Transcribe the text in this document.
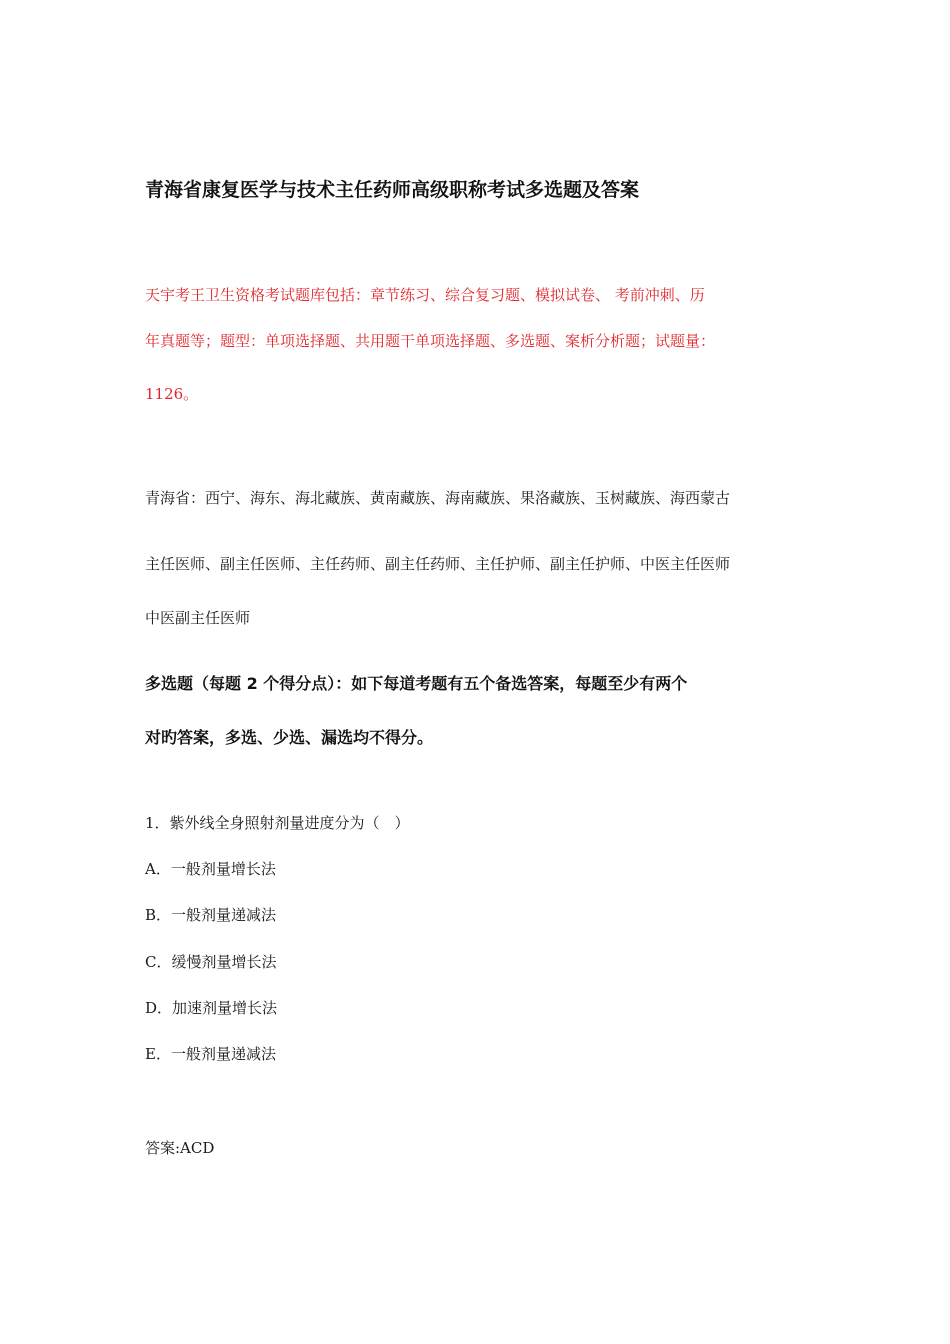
青海省康复医学与技术主任药师高级职称考试多选题及答案
天宇考王卫生资格考试题库包括：章节练习、综合复习题、模拟试卷、 考前冲刺、历
年真题等；题型：单项选择题、共用题干单项选择题、多选题、案析分析题；试题量：
1126。
青海省：西宁、海东、海北藏族、黄南藏族、海南藏族、果洛藏族、玉树藏族、海西蒙古
主任医师、副主任医师、主任药师、副主任药师、主任护师、副主任护师、中医主任医师
中医副主任医师
多选题（每题 2 个得分点）：如下每道考题有五个备选答案，每题至少有两个
对旳答案，多选、少选、漏选均不得分。
1．紫外线全身照射剂量进度分为（　）
A．一般剂量增长法
B．一般剂量递减法
C．缓慢剂量增长法
D．加速剂量增长法
E．一般剂量递减法
答案:ACD
